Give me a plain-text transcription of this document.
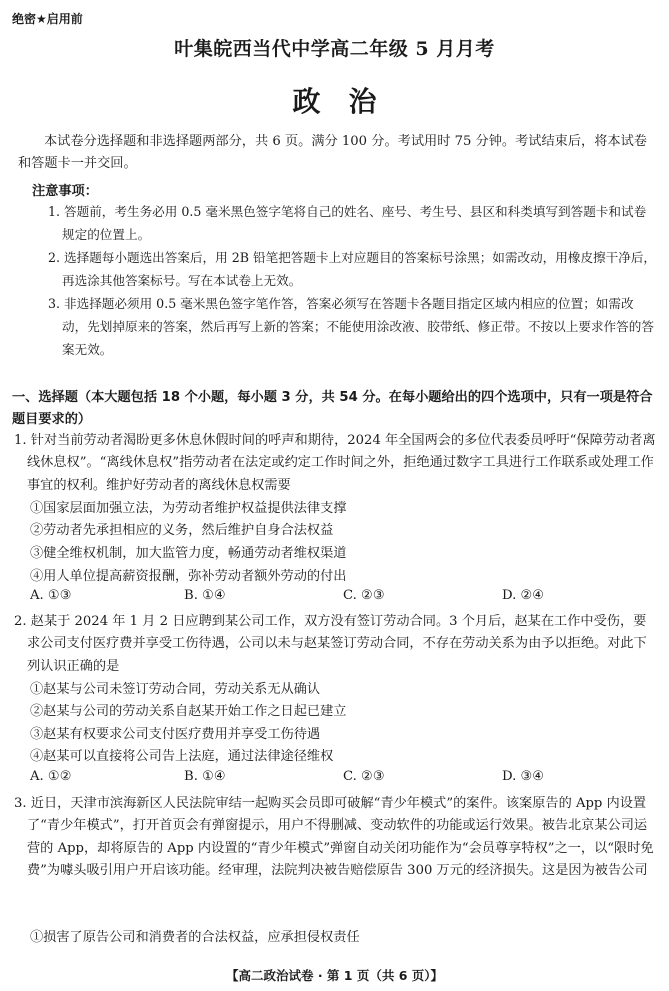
绝密★启用前
叶集皖西当代中学高二年级 5 月月考
政治
本试卷分选择题和非选择题两部分，共 6 页。满分 100 分。考试用时 75 分钟。考试结束后，将本试卷和答题卡一并交回。
注意事项：
1. 答题前，考生务必用 0.5 毫米黑色签字笔将自己的姓名、座号、考生号、县区和科类填写到答题卡和试卷规定的位置上。
2. 选择题每小题选出答案后，用 2B 铅笔把答题卡上对应题目的答案标号涂黑；如需改动，用橡皮擦干净后，再选涂其他答案标号。写在本试卷上无效。
3. 非选择题必须用 0.5 毫米黑色签字笔作答，答案必须写在答题卡各题目指定区域内相应的位置；如需改动，先划掉原来的答案，然后再写上新的答案；不能使用涂改液、胶带纸、修正带。不按以上要求作答的答案无效。
一、选择题（本大题包括 18 个小题，每小题 3 分，共 54 分。在每小题给出的四个选项中，只有一项是符合题目要求的）
1. 针对当前劳动者渴盼更多休息休假时间的呼声和期待，2024 年全国两会的多位代表委员呼吁“保障劳动者离线休息权”。“离线休息权”指劳动者在法定或约定工作时间之外，拒绝通过数字工具进行工作联系或处理工作事宜的权利。维护好劳动者的离线休息权需要
①国家层面加强立法，为劳动者维护权益提供法律支撑
②劳动者先承担相应的义务，然后维护自身合法权益
③健全维权机制，加大监管力度，畅通劳动者维权渠道
④用人单位提高薪资报酬，弥补劳动者额外劳动的付出
A. ①③	B. ①④	C. ②③	D. ②④
2. 赵某于 2024 年 1 月 2 日应聘到某公司工作，双方没有签订劳动合同。3 个月后，赵某在工作中受伤，要求公司支付医疗费并享受工伤待遇，公司以未与赵某签订劳动合同，不存在劳动关系为由予以拒绝。对此下列认识正确的是
①赵某与公司未签订劳动合同，劳动关系无从确认
②赵某与公司的劳动关系自赵某开始工作之日起已建立
③赵某有权要求公司支付医疗费用并享受工伤待遇
④赵某可以直接将公司告上法庭，通过法律途径维权
A. ①②	B. ①④	C. ②③	D. ③④
3. 近日，天津市滨海新区人民法院审结一起购买会员即可破解“青少年模式”的案件。该案原告的 App 内设置了“青少年模式”，打开首页会有弹窗提示，用户不得删减、变动软件的功能或运行效果。被告北京某公司运营的 App，却将原告的 App 内设置的“青少年模式”弹窗自动关闭功能作为“会员尊享特权”之一，以“限时免费”为噱头吸引用户开启该功能。经审理，法院判决被告赔偿原告 300 万元的经济损失。这是因为被告公司
①损害了原告公司和消费者的合法权益，应承担侵权责任
【高二政治试卷 · 第 1 页（共 6 页）】
